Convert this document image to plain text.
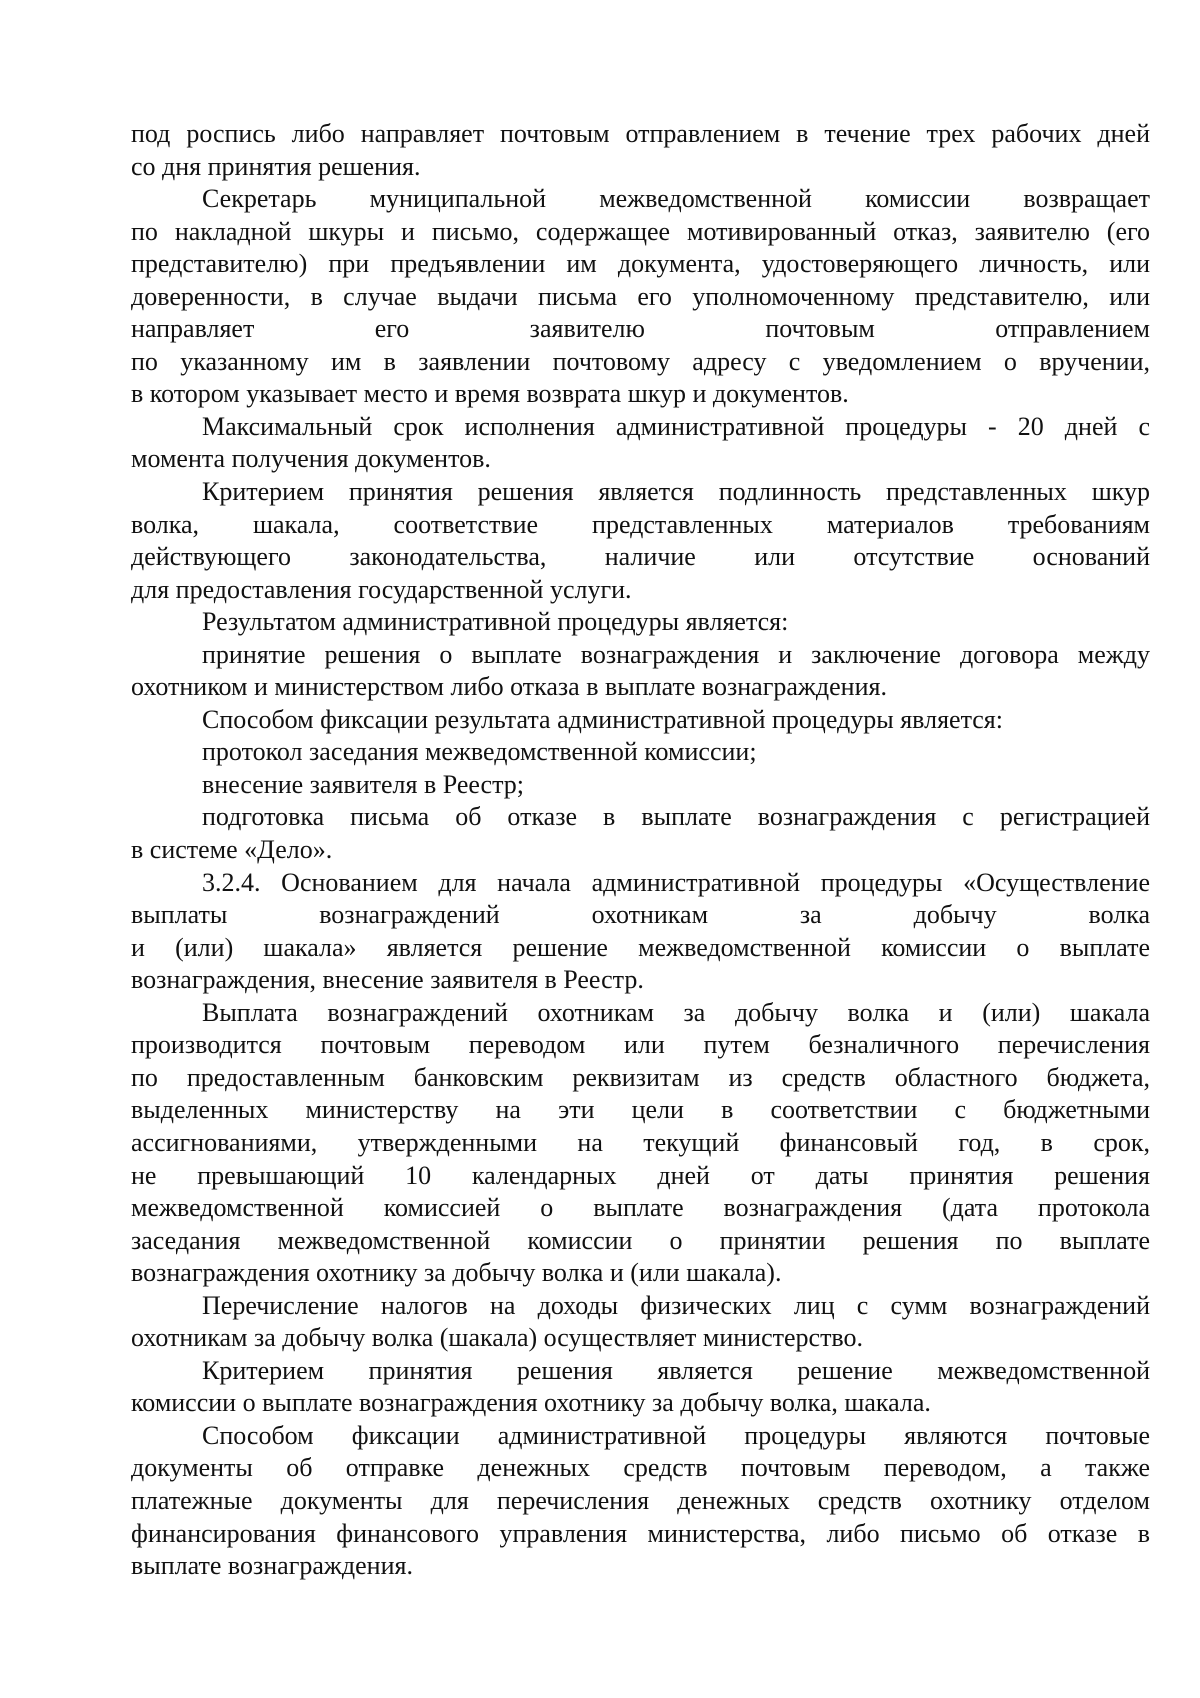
под роспись либо направляет почтовым отправлением в течение трех рабочих дней
со дня принятия решения.
Секретарь муниципальной межведомственной комиссии возвращает
по накладной шкуры и письмо, содержащее мотивированный отказ, заявителю (его
представителю) при предъявлении им документа, удостоверяющего личность, или
доверенности, в случае выдачи письма его уполномоченному представителю, или
направляет его заявителю почтовым отправлением
по указанному им в заявлении почтовому адресу с уведомлением о вручении,
в котором указывает место и время возврата шкур и документов.
Максимальный срок исполнения административной процедуры - 20 дней с
момента получения документов.
Критерием принятия решения является подлинность представленных шкур
волка, шакала, соответствие представленных материалов требованиям
действующего законодательства, наличие или отсутствие оснований
для предоставления государственной услуги.
Результатом административной процедуры является:
принятие решения о выплате вознаграждения и заключение договора между
охотником и министерством либо отказа в выплате вознаграждения.
Способом фиксации результата административной процедуры является:
протокол заседания межведомственной комиссии;
внесение заявителя в Реестр;
подготовка письма об отказе в выплате вознаграждения с регистрацией
в системе «Дело».
3.2.4. Основанием для начала административной процедуры «Осуществление
выплаты вознаграждений охотникам за добычу волка
и (или) шакала» является решение межведомственной комиссии о выплате
вознаграждения, внесение заявителя в Реестр.
Выплата вознаграждений охотникам за добычу волка и (или) шакала
производится почтовым переводом или путем безналичного перечисления
по предоставленным банковским реквизитам из средств областного бюджета,
выделенных министерству на эти цели в соответствии с бюджетными
ассигнованиями, утвержденными на текущий финансовый год, в срок,
не превышающий 10 календарных дней от даты принятия решения
межведомственной комиссией о выплате вознаграждения (дата протокола
заседания межведомственной комиссии о принятии решения по выплате
вознаграждения охотнику за добычу волка и (или шакала).
Перечисление налогов на доходы физических лиц с сумм вознаграждений
охотникам за добычу волка (шакала) осуществляет министерство.
Критерием принятия решения является решение межведомственной
комиссии о выплате вознаграждения охотнику за добычу волка, шакала.
Способом фиксации административной процедуры являются почтовые
документы об отправке денежных средств почтовым переводом, а также
платежные документы для перечисления денежных средств охотнику отделом
финансирования финансового управления министерства, либо письмо об отказе в
выплате вознаграждения.
